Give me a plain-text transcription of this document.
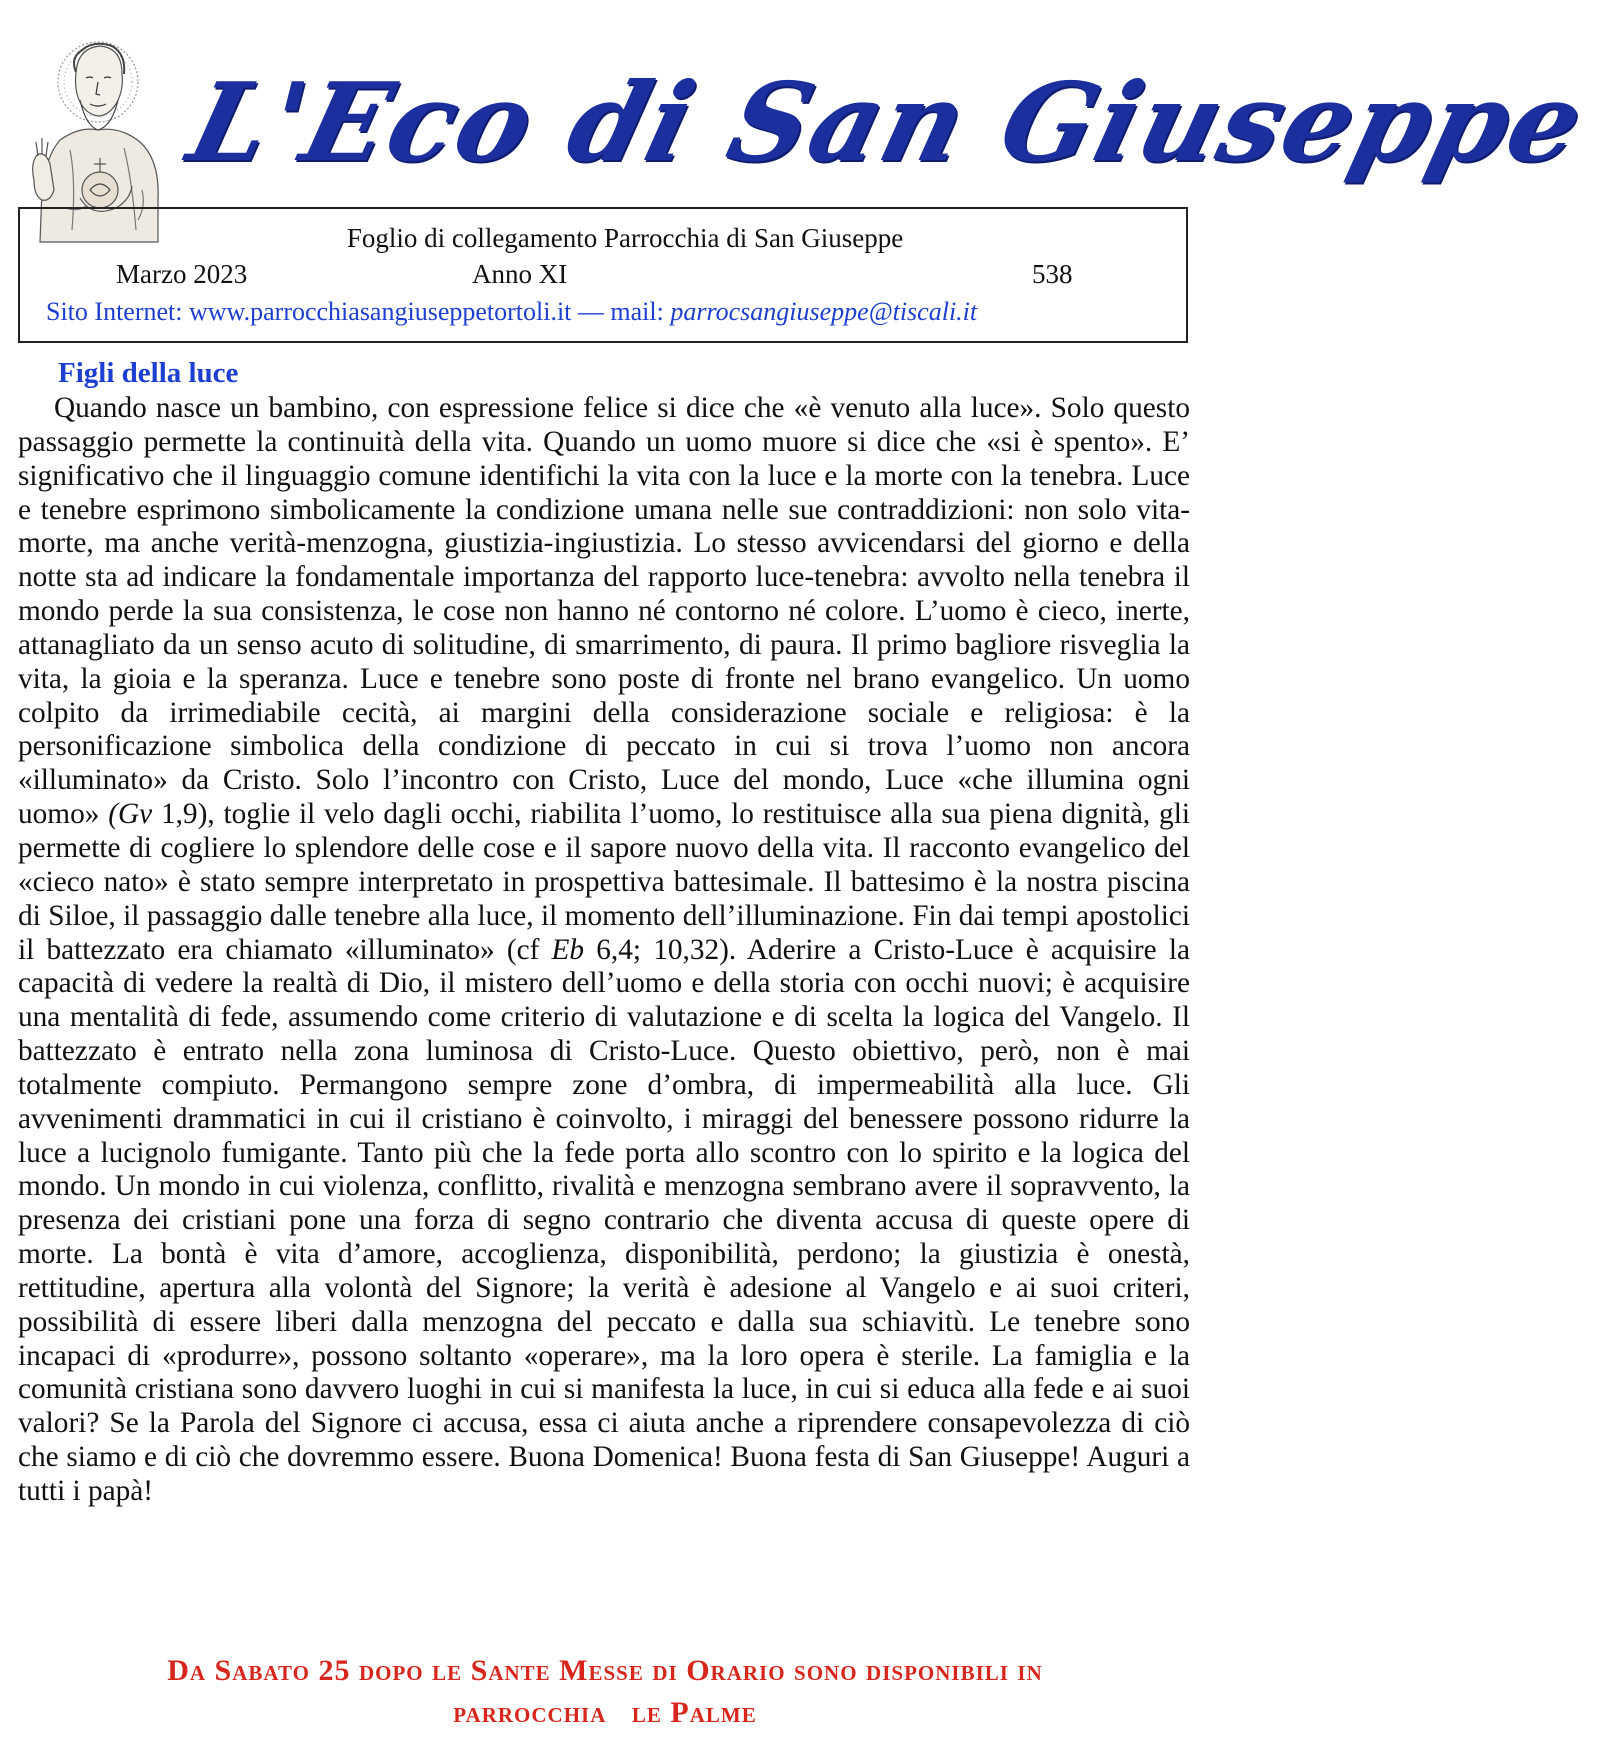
L'Eco di San Giuseppe
Foglio di collegamento Parrocchia di San Giuseppe
Marzo 2023	Anno XI	538
Sito Internet: www.parrocchiasangiuseppetortoli.it — mail: parrocsangiuseppe@tiscali.it
Figli della luce

Quando nasce un bambino, con espressione felice si dice che «è venuto alla luce». Solo questo passaggio permette la continuità della vita. Quando un uomo muore si dice che «si è spento». E’ significativo che il linguaggio comune identifichi la vita con la luce e la morte con la tenebra. Luce e tenebre esprimono simbolicamente la condizione umana nelle sue contraddizioni: non solo vita-morte, ma anche verità-menzogna, giustizia-ingiustizia. Lo stesso avvicendarsi del giorno e della notte sta ad indicare la fondamentale importanza del rapporto luce-tenebra: avvolto nella tenebra il mondo perde la sua consistenza, le cose non hanno né contorno né colore. L’uomo è cieco, inerte, attanagliato da un senso acuto di solitudine, di smarrimento, di paura. Il primo bagliore risveglia la vita, la gioia e la speranza. Luce e tenebre sono poste di fronte nel brano evangelico. Un uomo colpito da irrimediabile cecità, ai margini della considerazione sociale e religiosa: è la personificazione simbolica della condizione di peccato in cui si trova l’uomo non ancora «illuminato» da Cristo. Solo l’incontro con Cristo, Luce del mondo, Luce «che illumina ogni uomo» (Gv 1,9), toglie il velo dagli occhi, riabilita l’uomo, lo restituisce alla sua piena dignità, gli permette di cogliere lo splendore delle cose e il sapore nuovo della vita. Il racconto evangelico del «cieco nato» è stato sempre interpretato in prospettiva battesimale. Il battesimo è la nostra piscina di Siloe, il passaggio dalle tenebre alla luce, il momento dell’illuminazione. Fin dai tempi apostolici il battezzato era chiamato «illuminato» (cf Eb 6,4; 10,32). Aderire a Cristo-Luce è acquisire la capacità di vedere la realtà di Dio, il mistero dell’uomo e della storia con occhi nuovi; è acquisire una mentalità di fede, assumendo come criterio di valutazione e di scelta la logica del Vangelo. Il battezzato è entrato nella zona luminosa di Cristo-Luce. Questo obiettivo, però, non è mai totalmente compiuto. Permangono sempre zone d’ombra, di impermeabilità alla luce. Gli avvenimenti drammatici in cui il cristiano è coinvolto, i miraggi del benessere possono ridurre la luce a lucignolo fumigante. Tanto più che la fede porta allo scontro con lo spirito e la logica del mondo. Un mondo in cui violenza, conflitto, rivalità e menzogna sembrano avere il sopravvento, la presenza dei cristiani pone una forza di segno contrario che diventa accusa di queste opere di morte. La bontà è vita d’amore, accoglienza, disponibilità, perdono; la giustizia è onestà, rettitudine, apertura alla volontà del Signore; la verità è adesione al Vangelo e ai suoi criteri, possibilità di essere liberi dalla menzogna del peccato e dalla sua schiavitù. Le tenebre sono incapaci di «produrre», possono soltanto «operare», ma la loro opera è sterile. La famiglia e la comunità cristiana sono davvero luoghi in cui si manifesta la luce, in cui si educa alla fede e ai suoi valori? Se la Parola del Signore ci accusa, essa ci aiuta anche a riprendere consapevolezza di ciò che siamo e di ciò che dovremmo essere. Buona Domenica! Buona festa di San Giuseppe! Auguri a tutti i papà!

Da Sabato 25 dopo le Sante Messe di Orario sono disponibili in
parrocchia   le Palme
